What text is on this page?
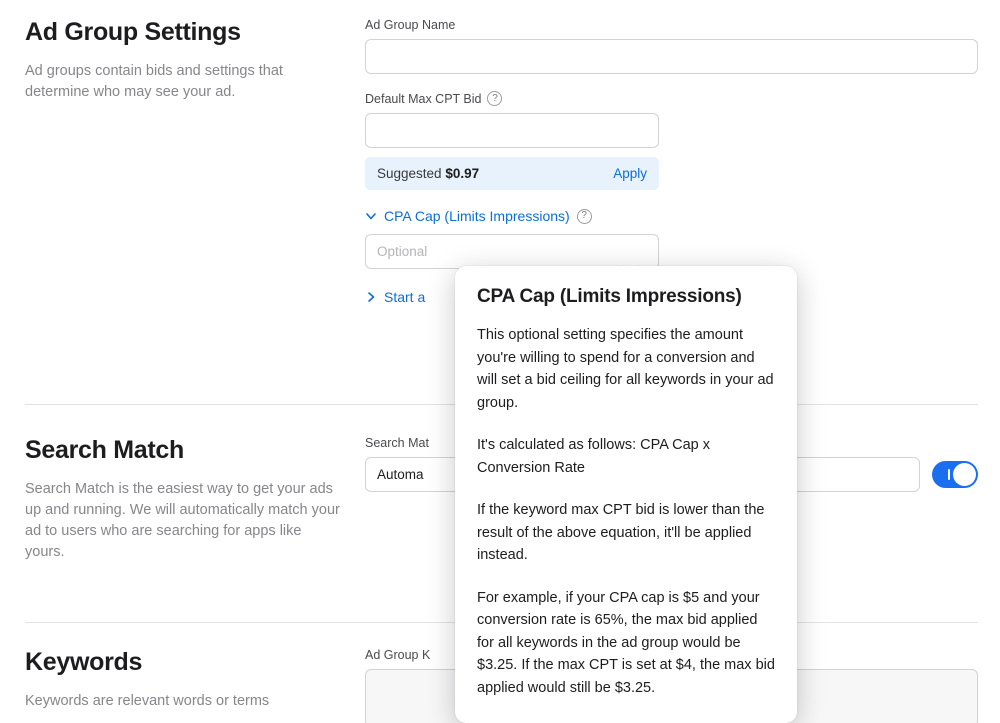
Ad Group Settings

Ad groups contain bids and settings that determine who may see your ad.

Ad Group Name
Default Max CPT Bid	?
Suggested $0.97	Apply
CPA Cap (Limits Impressions)	?
Optional
Start a
Search Match

Search Match is the easiest way to get your ads up and running. We will automatically match your ad to users who are searching for apps like yours.

Search Mat
Automa
Keywords

Keywords are relevant words or terms

Ad Group K
CPA Cap (Limits Impressions)

This optional setting specifies the amount you're willing to spend for a conversion and will set a bid ceiling for all keywords in your ad group.

It's calculated as follows: CPA Cap x Conversion Rate

If the keyword max CPT bid is lower than the result of the above equation, it'll be applied instead.

For example, if your CPA cap is $5 and your conversion rate is 65%, the max bid applied for all keywords in the ad group would be $3.25. If the max CPT is set at $4, the max bid applied would still be $3.25.
